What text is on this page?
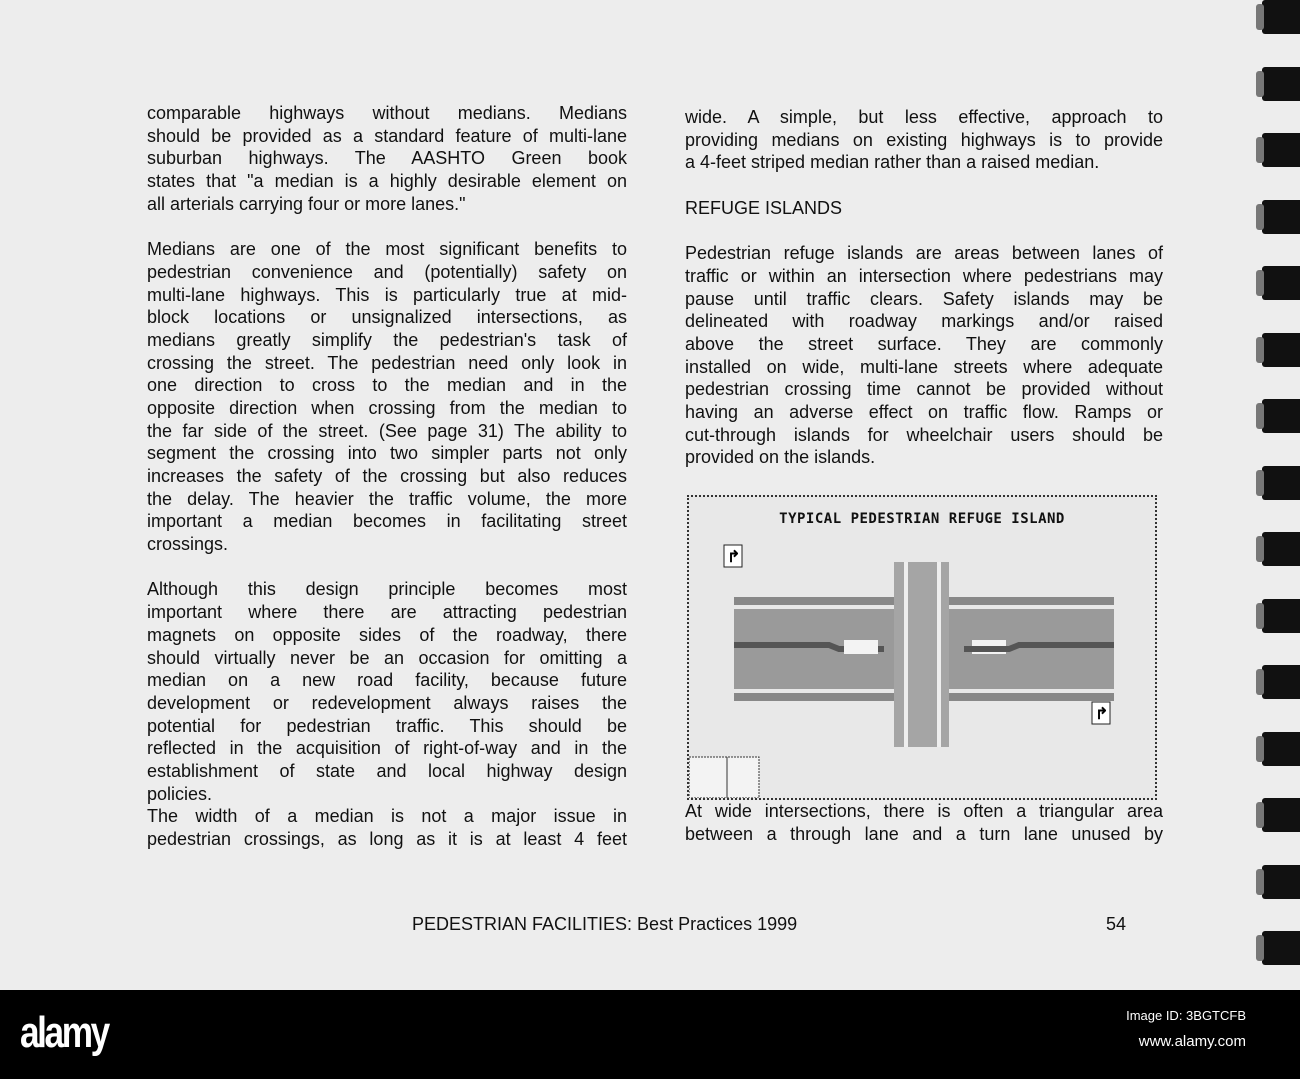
comparable highways without medians. Medians
should be provided as a standard feature of multi-lane
suburban highways. The AASHTO Green book
states that "a median is a highly desirable element on
all arterials carrying four or more lanes."
Medians are one of the most significant benefits to
pedestrian convenience and (potentially) safety on
multi-lane highways. This is particularly true at mid-
block locations or unsignalized intersections, as
medians greatly simplify the pedestrian's task of
crossing the street. The pedestrian need only look in
one direction to cross to the median and in the
opposite direction when crossing from the median to
the far side of the street. (See page 31) The ability to
segment the crossing into two simpler parts not only
increases the safety of the crossing but also reduces
the delay. The heavier the traffic volume, the more
important a median becomes in facilitating street
crossings.
Although this design principle becomes most
important where there are attracting pedestrian
magnets on opposite sides of the roadway, there
should virtually never be an occasion for omitting a
median on a new road facility, because future
development or redevelopment always raises the
potential for pedestrian traffic. This should be
reflected in the acquisition of right-of-way and in the
establishment of state and local highway design
policies.
The width of a median is not a major issue in
pedestrian crossings, as long as it is at least 4 feet
wide. A simple, but less effective, approach to
providing medians on existing highways is to provide
a 4-feet striped median rather than a raised median.
REFUGE ISLANDS
Pedestrian refuge islands are areas between lanes of
traffic or within an intersection where pedestrians may
pause until traffic clears. Safety islands may be
delineated with roadway markings and/or raised
above the street surface. They are commonly
installed on wide, multi-lane streets where adequate
pedestrian crossing time cannot be provided without
having an adverse effect on traffic flow. Ramps or
cut-through islands for wheelchair users should be
provided on the islands.
↱
↱
TYPICAL PEDESTRIAN REFUGE ISLAND
At wide intersections, there is often a triangular area
between a through lane and a turn lane unused by
PEDESTRIAN FACILITIES: Best Practices 1999	54
alamy	Image ID: 3BGTCFB
www.alamy.com
